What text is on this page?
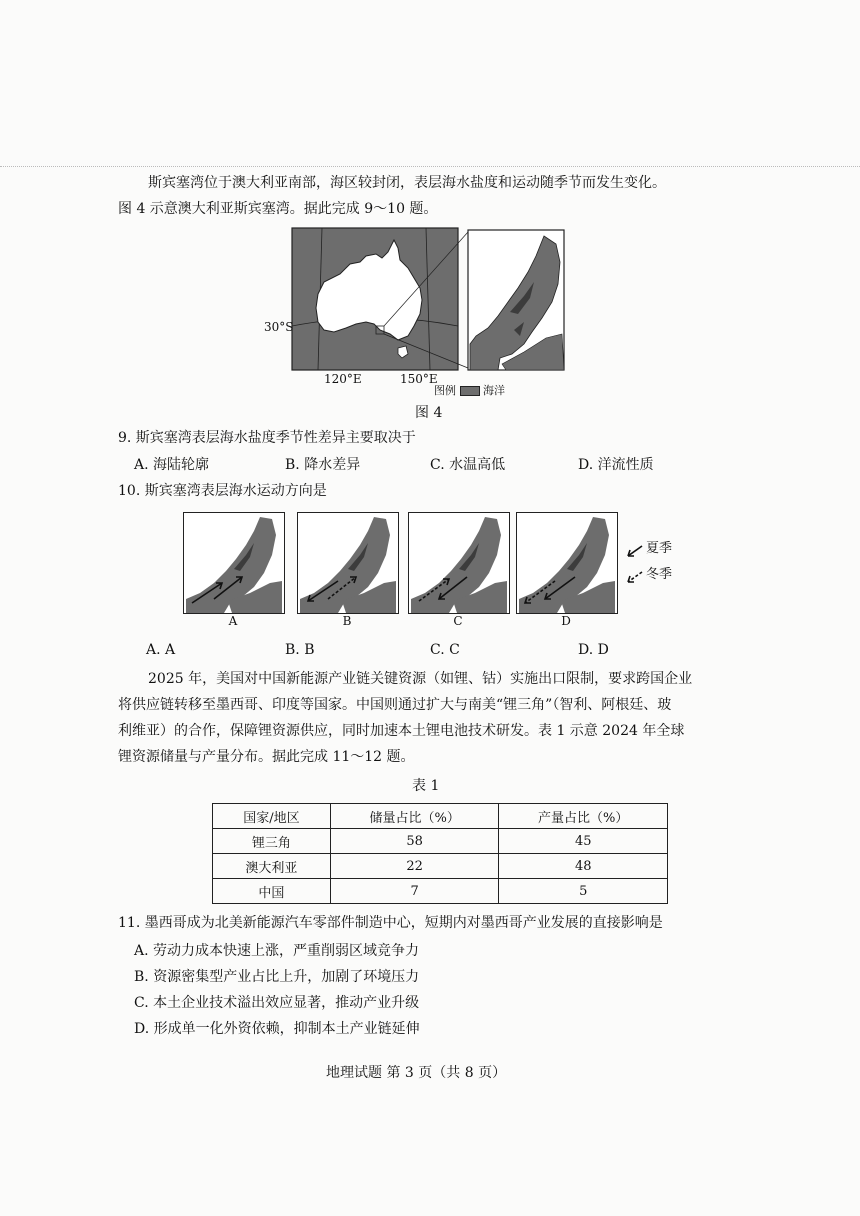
斯宾塞湾位于澳大利亚南部，海区较封闭，表层海水盐度和运动随季节而发生变化。
图 4 示意澳大利亚斯宾塞湾。据此完成 9～10 题。
30°S
120°E	150°E
图例 海洋
图 4
9. 斯宾塞湾表层海水盐度季节性差异主要取决于
A. 海陆轮廓	B. 降水差异	C. 水温高低	D. 洋流性质
10. 斯宾塞湾表层海水运动方向是
A	B	C	D
夏季
冬季
A. A	B. B	C. C	D. D
2025 年，美国对中国新能源产业链关键资源（如锂、钴）实施出口限制，要求跨国企业
将供应链转移至墨西哥、印度等国家。中国则通过扩大与南美“锂三角”（智利、阿根廷、玻
利维亚）的合作，保障锂资源供应，同时加速本土锂电池技术研发。表 1 示意 2024 年全球
锂资源储量与产量分布。据此完成 11～12 题。
表 1
国家/地区	储量占比（%）	产量占比（%）
锂三角	58	45
澳大利亚	22	48
中国	7	5
11. 墨西哥成为北美新能源汽车零部件制造中心，短期内对墨西哥产业发展的直接影响是
A. 劳动力成本快速上涨，严重削弱区域竞争力
B. 资源密集型产业占比上升，加剧了环境压力
C. 本土企业技术溢出效应显著，推动产业升级
D. 形成单一化外资依赖，抑制本土产业链延伸
地理试题 第 3 页（共 8 页）
